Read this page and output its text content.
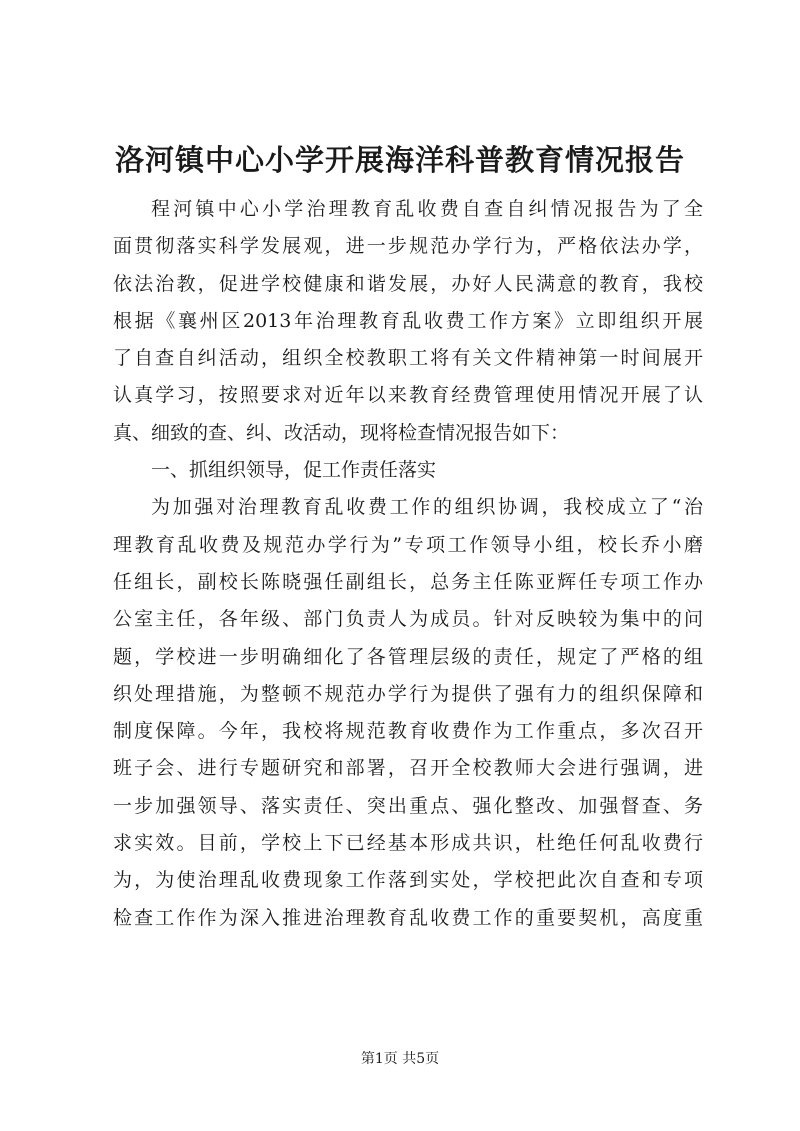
洛河镇中心小学开展海洋科普教育情况报告

程河镇中心小学治理教育乱收费自查自纠情况报告为了全
面贯彻落实科学发展观，进一步规范办学行为，严格依法办学，
依法治教，促进学校健康和谐发展，办好人民满意的教育，我校
根据《襄州区2013年治理教育乱收费工作方案》立即组织开展
了自查自纠活动，组织全校教职工将有关文件精神第一时间展开
认真学习，按照要求对近年以来教育经费管理使用情况开展了认
真、细致的查、纠、改活动，现将检查情况报告如下：

一、抓组织领导，促工作责任落实

为加强对治理教育乱收费工作的组织协调，我校成立了“治
理教育乱收费及规范办学行为”专项工作领导小组，校长乔小磨
任组长，副校长陈晓强任副组长，总务主任陈亚辉任专项工作办
公室主任，各年级、部门负责人为成员。针对反映较为集中的问
题，学校进一步明确细化了各管理层级的责任，规定了严格的组
织处理措施，为整顿不规范办学行为提供了强有力的组织保障和
制度保障。今年，我校将规范教育收费作为工作重点，多次召开
班子会、进行专题研究和部署，召开全校教师大会进行强调，进
一步加强领导、落实责任、突出重点、强化整改、加强督查、务
求实效。目前，学校上下已经基本形成共识，杜绝任何乱收费行
为，为使治理乱收费现象工作落到实处，学校把此次自查和专项
检查工作作为深入推进治理教育乱收费工作的重要契机，高度重

第1页 共5页
